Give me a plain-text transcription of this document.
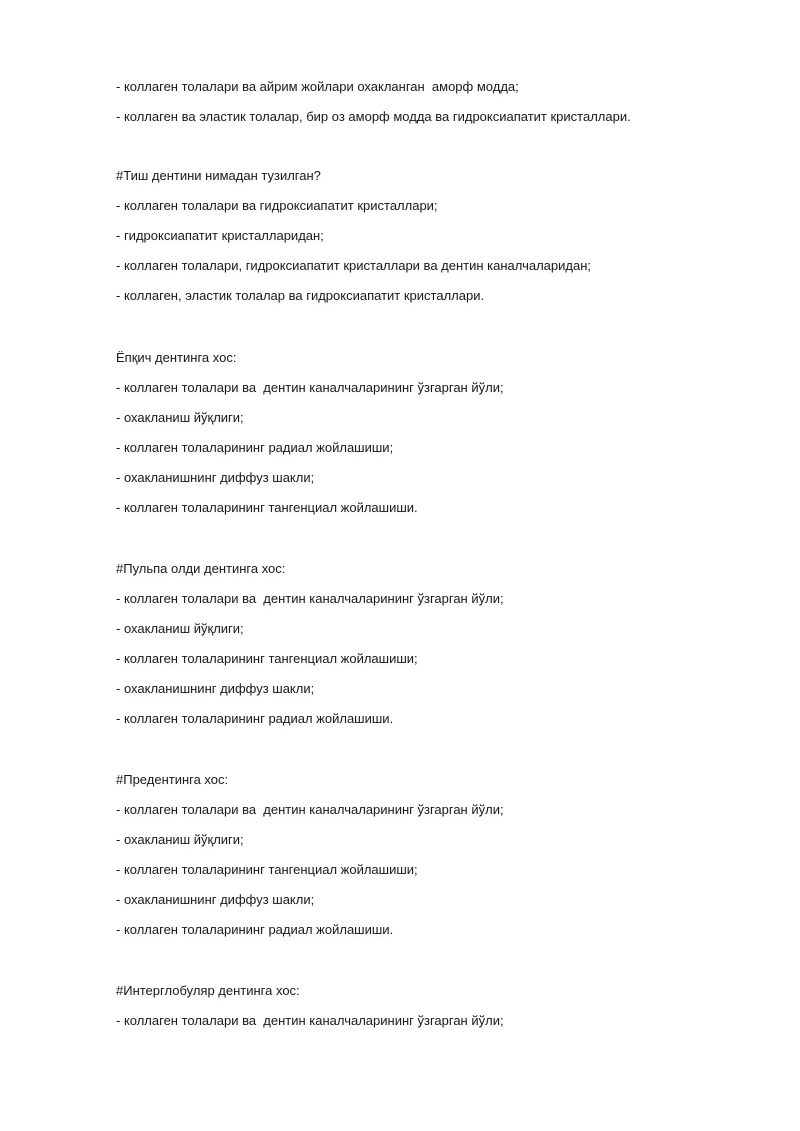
- коллаген толалари ва айрим жойлари охакланган  аморф модда;
- коллаген ва эластик толалар, бир оз аморф модда ва гидроксиапатит кристаллари.
#Тиш дентини нимадан тузилган?
- коллаген толалари ва гидроксиапатит кристаллари;
- гидроксиапатит кристалларидан;
- коллаген толалари, гидроксиапатит кристаллари ва дентин каналчаларидан;
- коллаген, эластик толалар ва гидроксиапатит кристаллари.
Ёпқич дентинга хос:
- коллаген толалари ва  дентин каналчаларининг ўзгарган йўли;
- охакланиш йўқлиги;
- коллаген толаларининг радиал жойлашиши;
- охакланишнинг диффуз шакли;
- коллаген толаларининг тангенциал жойлашиши.
#Пульпа олди дентинга хос:
- коллаген толалари ва  дентин каналчаларининг ўзгарган йўли;
- охакланиш йўқлиги;
- коллаген толаларининг тангенциал жойлашиши;
- охакланишнинг диффуз шакли;
- коллаген толаларининг радиал жойлашиши.
#Предентинга хос:
- коллаген толалари ва  дентин каналчаларининг ўзгарган йўли;
- охакланиш йўқлиги;
- коллаген толаларининг тангенциал жойлашиши;
- охакланишнинг диффуз шакли;
- коллаген толаларининг радиал жойлашиши.
#Интерглобуляр дентинга хос:
- коллаген толалари ва  дентин каналчаларининг ўзгарган йўли;
